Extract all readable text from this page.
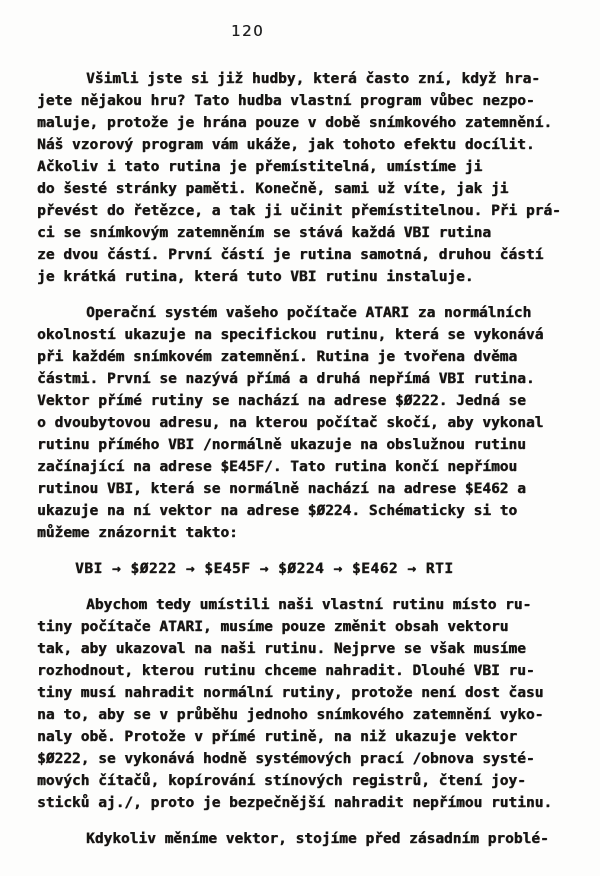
120
Všimli jste si již hudby, která často zní, když hra-
jete nějakou hru? Tato hudba vlastní program vůbec nezpo-
maluje, protože je hrána pouze v době snímkového zatemnění.
Náš vzorový program vám ukáže, jak tohoto efektu docílit.
Ačkoliv i tato rutina je přemístitelná, umístíme ji
do šesté stránky paměti. Konečně, sami už víte, jak ji
převést do řetězce, a tak ji učinit přemístitelnou. Při prá-
ci se snímkovým zatemněním se stává každá VBI rutina
ze dvou částí. První částí je rutina samotná, druhou částí
je krátká rutina, která tuto VBI rutinu instaluje.
Operační systém vašeho počítače ATARI za normálních
okolností ukazuje na specifickou rutinu, která se vykonává
při každém snímkovém zatemnění. Rutina je tvořena dvěma
částmi. První se nazývá přímá a druhá nepřímá VBI rutina.
Vektor přímé rutiny se nachází na adrese $Ø222. Jedná se
o dvoubytovou adresu, na kterou počítač skočí, aby vykonal
rutinu přímého VBI /normálně ukazuje na obslužnou rutinu
začínající na adrese $E45F/. Tato rutina končí nepřímou
rutinou VBI, která se normálně nachází na adrese $E462 a
ukazuje na ní vektor na adrese $Ø224. Schématicky si to
můžeme znázornit takto:
VBI → $Ø222 → $E45F → $Ø224 → $E462 → RTI
Abychom tedy umístili naši vlastní rutinu místo ru-
tiny počítače ATARI, musíme pouze změnit obsah vektoru
tak, aby ukazoval na naši rutinu. Nejprve se však musíme
rozhodnout, kterou rutinu chceme nahradit. Dlouhé VBI ru-
tiny musí nahradit normální rutiny, protože není dost času
na to, aby se v průběhu jednoho snímkového zatemnění vyko-
naly obě. Protože v přímé rutině, na niž ukazuje vektor
$Ø222, se vykonává hodně systémových prací /obnova systé-
mových čítačů, kopírování stínových registrů, čtení joy-
sticků aj./, proto je bezpečnější nahradit nepřímou rutinu.
Kdykoliv měníme vektor, stojíme před zásadním problé-
